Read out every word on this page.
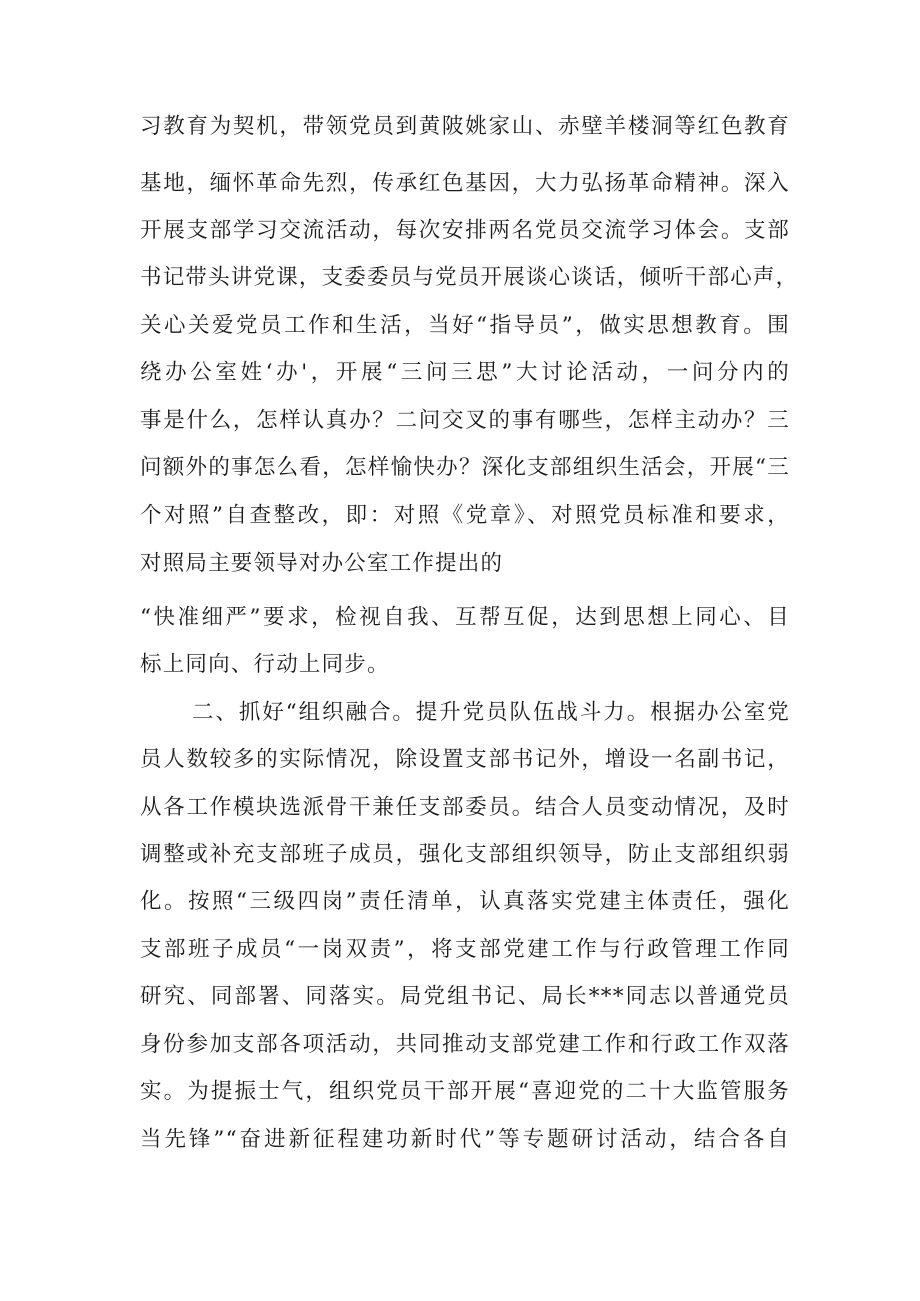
习教育为契机，带领党员到黄陂姚家山、赤壁羊楼洞等红色教育
基地，缅怀革命先烈，传承红色基因，大力弘扬革命精神。深入
开展支部学习交流活动，每次安排两名党员交流学习体会。支部
书记带头讲党课，支委委员与党员开展谈心谈话，倾听干部心声，
关心关爱党员工作和生活，当好“指导员”，做实思想教育。围
绕办公室姓‘办'，开展“三问三思”大讨论活动，一问分内的
事是什么，怎样认真办？二问交叉的事有哪些，怎样主动办？三
问额外的事怎么看，怎样愉快办？深化支部组织生活会，开展“三
个对照”自查整改，即：对照《党章》、对照党员标准和要求，
对照局主要领导对办公室工作提出的
“快准细严”要求，检视自我、互帮互促，达到思想上同心、目
标上同向、行动上同步。
二、抓好“组织融合。提升党员队伍战斗力。根据办公室党
员人数较多的实际情况，除设置支部书记外，增设一名副书记，
从各工作模块选派骨干兼任支部委员。结合人员变动情况，及时
调整或补充支部班子成员，强化支部组织领导，防止支部组织弱
化。按照“三级四岗”责任清单，认真落实党建主体责任，强化
支部班子成员“一岗双责”，将支部党建工作与行政管理工作同
研究、同部署、同落实。局党组书记、局长***同志以普通党员
身份参加支部各项活动，共同推动支部党建工作和行政工作双落
实。为提振士气，组织党员干部开展“喜迎党的二十大监管服务
当先锋”“奋进新征程建功新时代”等专题研讨活动，结合各自
